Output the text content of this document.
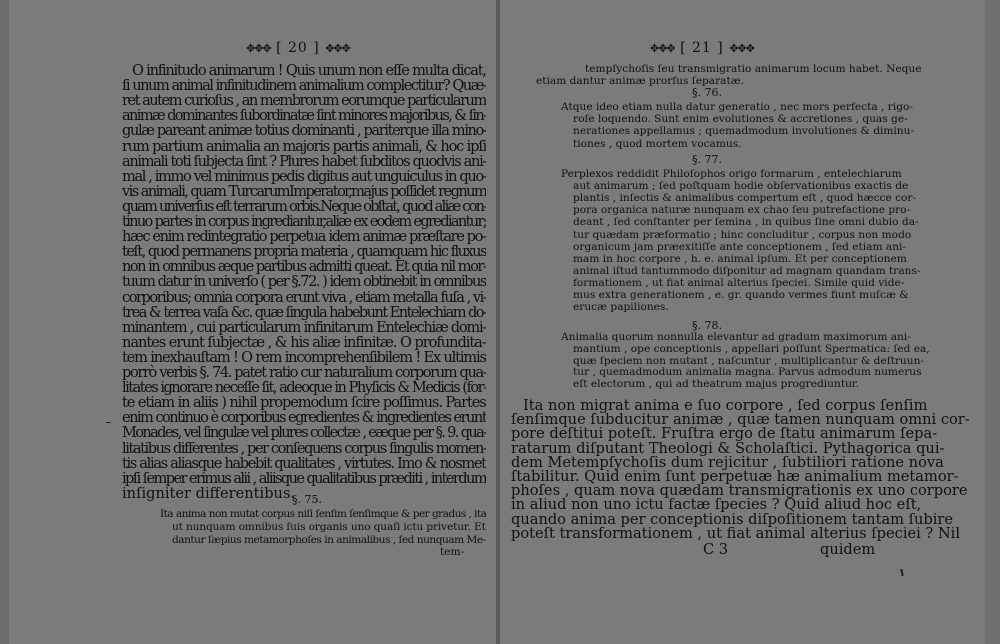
✥✥✥ [ 20 ] ✥✥✥
O infinitudo animarum ! Quis unum non eſſe multa dicat,
ſi unum animal infinitudinem animalium complectitur? Quæ-
ret autem curioſus , an membrorum eorumque particularum
animæ dominantes ſubordinatæ ſint minores majoribus, & ſin-
gulæ pareant animæ totius dominanti , pariterque illa mino-
rum partium animalia an majoris partis animali, & hoc ipſi
animali toti ſubjecta ſint ? Plures habet ſubditos quodvis ani-
mal , immo vel minimus pedis digitus aut unguiculus in quo-
vis animali, quam TurcarumImperator,majus poſſidet regnum
quam univerſus eſt terrarum orbis.Neque obſtat, quod aliæ con-
tinuo partes in corpus ingrediantur,aliæ ex eodem egrediantur;
hæc enim redintegratio perpetua idem animæ præſtare po-
teſt, quod permanens propria materia , quamquam hic fluxus
non in omnibus æque partibus admitti queat. Et quia nil mor-
tuum datur in univerſo ( per §.72. ) idem obtinebit in omnibus
corporibus; omnia corpora erunt viva , etiam metalla fuſa , vi-
trea & terrea vaſa &c. quæ ſingula habebunt Entelechiam do-
minantem , cui particularum infinitarum Entelechiæ domi-
nantes erunt ſubjectæ , & his aliæ infinitæ. O profundita-
tem inexhauſtam ! O rem incomprehenſibilem ! Ex ultimis
porrò verbis §. 74. patet ratio cur naturalium corporum qua-
litates ignorare neceſſe ſit, adeoque in Phyſicis & Medicis (for-
te etiam in aliis ) nihil propemodum ſcire poſſimus. Partes
enim continuo è corporibus egredientes & ingredientes erunt
Monades, vel ſingulæ vel plures collectæ , eæque per §. 9. qua-
litatibus differentes , per conſequens corpus ſingulis momen-
tis alias aliasque habebit qualitates , virtutes. Imo & nosmet
ipſi ſemper erimus alii , aliisque qualitatibus præditi , interdum
inſigniter differentibus.
§. 75.
Ita anima non mutat corpus niſi ſenſim ſenſimque & per gradus , ita
ut nunquam omnibus ſuis organis uno quaſi ictu privetur. Et
dantur ſæpius metamorphoſes in animalibus , ſed nunquam Me-
tem-
✥✥✥ [ 21 ] ✥✥✥
tempſychoſis ſeu transmigratio animarum locum habet. Neque
etiam dantur animæ prorſus ſeparatæ.
§. 76.
Atque ideo etiam nulla datur generatio , nec mors perfecta , rigo-
roſe loquendo. Sunt enim evolutiones & accretiones , quas ge-
nerationes appellamus ; quemadmodum involutiones & diminu-
tiones , quod mortem vocamus.
§. 77.
Perplexos reddidit Philoſophos origo formarum , entelechiarum
aut animarum ; ſed poſtquam hodie obſervationibus exactis de
plantis , inſectis & animalibus compertum eſt , quod hæcce cor-
pora organica naturæ nunquam ex chao ſeu putrefactione pro-
deant , ſed conſtanter per ſemina , in quibus ſine omni dubio da-
tur quædam præformatio ; hinc concluditur , corpus non modo
organicum jam præexitiſſe ante conceptionem , ſed etiam ani-
mam in hoc corpore , h. e. animal ipſum. Et per conceptionem
animal iſtud tantummodo diſponitur ad magnam quandam trans-
formationem , ut fiat animal alterius ſpeciei. Simile quid vide-
mus extra generationem , e. gr. quando vermes fiunt muſcæ &
erucæ papiliones.
§. 78.
Animalia quorum nonnulla elevantur ad gradum maximorum ani-
mantium , ope conceptionis , appellari poſſunt Spermatica: ſed ea,
quæ ſpeciem non mutant , naſcuntur , multiplicantur & deſtruun-
tur , quemadmodum animalia magna. Parvus admodum numerus
eſt electorum , qui ad theatrum majus progrediuntur.
Ita non migrat anima e ſuo corpore , ſed corpus ſenſim
ſenſimque ſubducitur animæ , quæ tamen nunquam omni cor-
pore deſtitui poteſt. Fruſtra ergo de ſtatu animarum ſepa-
ratarum diſputant Theologi & Scholaſtici. Pythagorica qui-
dem Metempſychoſis dum rejicitur , ſubtiliori ratione nova
ſtabilitur. Quid enim ſunt perpetuæ hæ animalium metamor-
phoſes , quam nova quædam transmigrationis ex uno corpore
in aliud non uno ictu factæ ſpecies ? Quid aliud hoc eſt,
quando anima per conceptionis diſpoſitionem tantam ſubire
poteſt transformationem , ut fiat animal alterius ſpeciei ? Nil
C 3	quidem
